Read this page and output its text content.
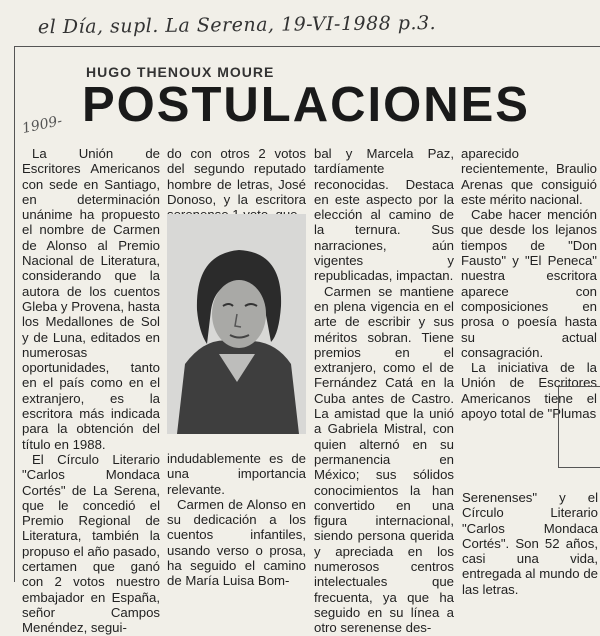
el Día, supl. La Serena, 19-VI-1988 p.3.
1909-
HUGO THENOUX MOURE
POSTULACIONES

La Unión de Escritores Americanos con sede en Santiago, en determinación unánime ha propuesto el nombre de Carmen de Alonso al Premio Nacional de Literatura, considerando que la autora de los cuentos Gleba y Provena, hasta los Medallones de Sol y de Luna, editados en numerosas oportunidades, tanto en el país como en el extranjero, es la escritora más indicada para la obtención del título en 1988.

El Círculo Literario "Carlos Mondaca Cortés" de La Serena, que le concedió el Premio Regional de Literatura, también la propuso el año pasado, certamen que ganó con 2 votos nuestro embajador en España, señor Campos Menéndez, segui-

do con otros 2 votos del segundo reputado hombre de letras, José Donoso, y la escritora

indudablemente es de una importancia relevante.

Carmen de Alonso en su dedicación a los cuentos infantiles, usando verso o prosa, ha seguido el camino de María Luisa Bom-

bal y Marcela Paz, tardíamente reconocidas. Destaca en este aspecto por la elección al camino de la ternura. Sus narraciones, aún vigentes y republicadas, impactan.

Carmen se mantiene en plena vigencia en el arte de escribir y sus méritos sobran. Tiene premios en el extranjero, como el de Fernández Catá en la Cuba antes de Castro. La amistad que la unió a Gabriela Mistral, con quien alternó en su permanencia en México; sus sólidos conocimientos la han convertido en una figura internacional, siendo persona querida y apreciada en los numerosos centros intelectuales que frecuenta, ya que ha seguido en su línea a otro serenense des-

aparecido recientemente, Braulio Arenas que consiguió este mérito nacional.

Cabe hacer mención que desde los lejanos tiempos de "Don Fausto" y "El Peneca" nuestra escritora aparece con composiciones en prosa o poesía hasta su actual consagración.

La iniciativa de la Unión de Escritores Americanos tiene el apoyo total de "Plumas

Serenenses" y el Círculo Literario "Carlos Mondaca Cortés". Son 52 años, casi una vida, entregada al mundo de las letras.
